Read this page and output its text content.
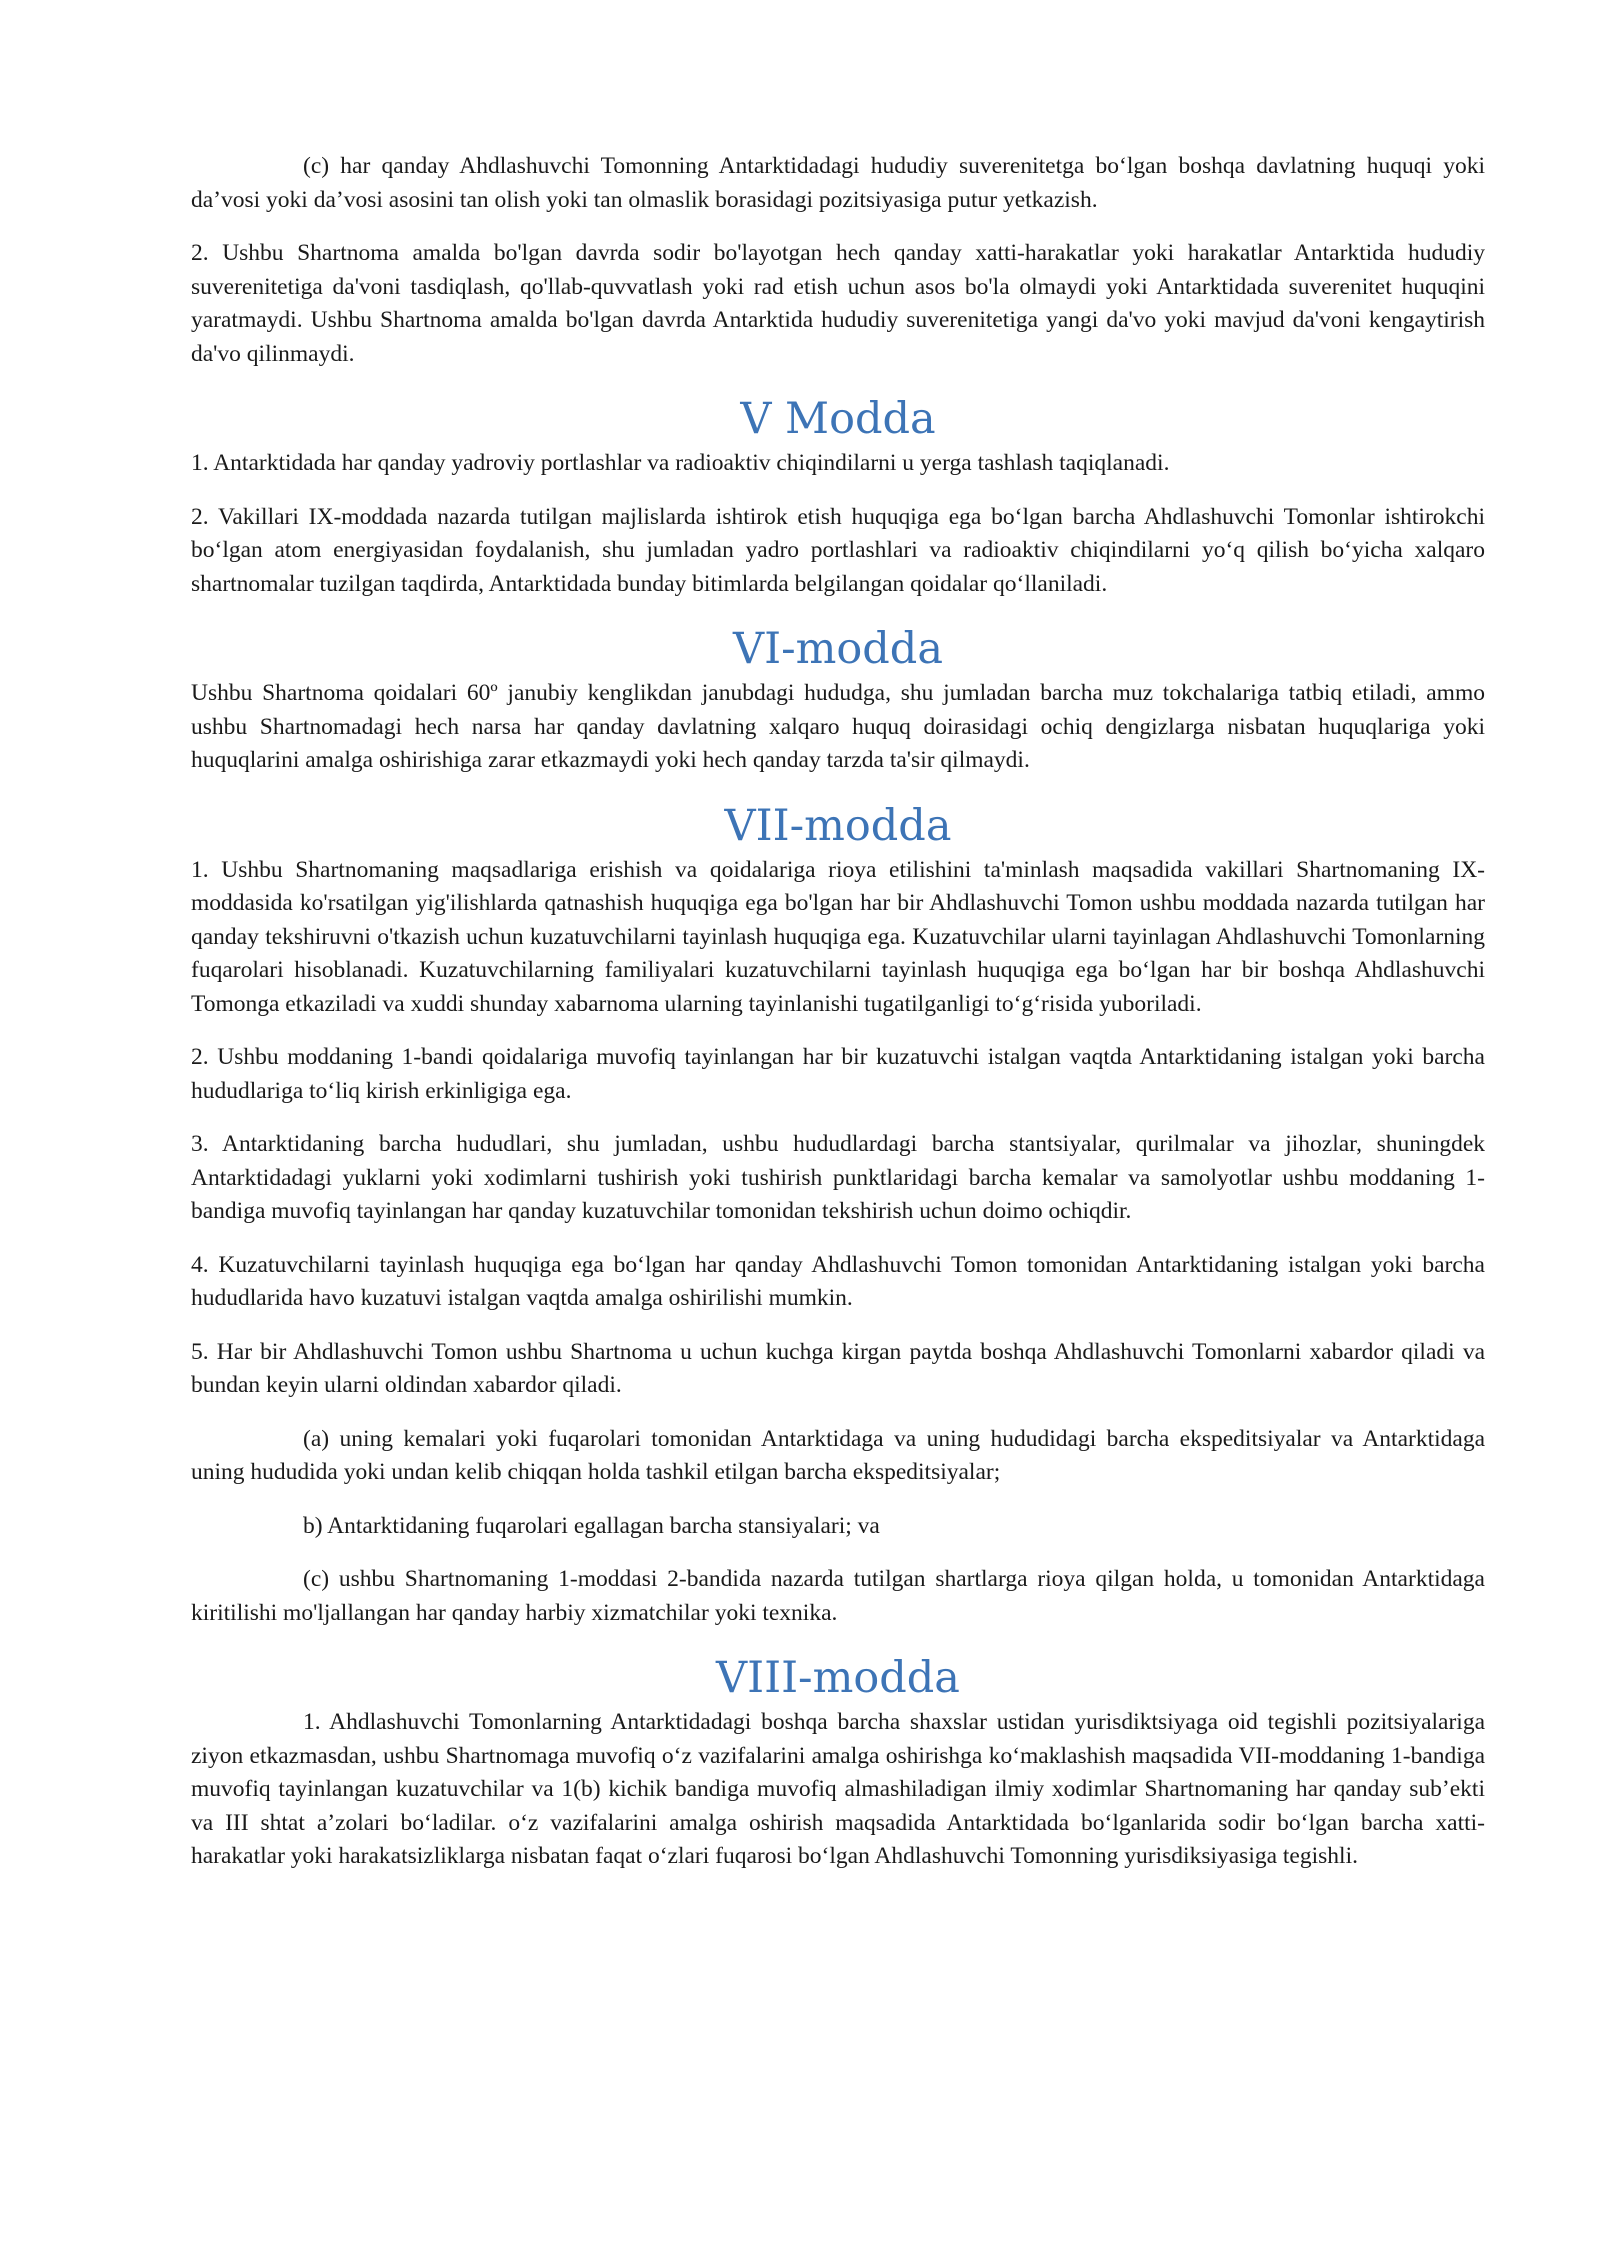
(c) har qanday Ahdlashuvchi Tomonning Antarktidadagi hududiy suverenitetga bo‘lgan boshqa davlatning huquqi yoki da’vosi yoki da’vosi asosini tan olish yoki tan olmaslik borasidagi pozitsiyasiga putur yetkazish.

2. Ushbu Shartnoma amalda bo'lgan davrda sodir bo'layotgan hech qanday xatti-harakatlar yoki harakatlar Antarktida hududiy suverenitetiga da'voni tasdiqlash, qo'llab-quvvatlash yoki rad etish uchun asos bo'la olmaydi yoki Antarktidada suverenitet huquqini yaratmaydi. Ushbu Shartnoma amalda bo'lgan davrda Antarktida hududiy suverenitetiga yangi da'vo yoki mavjud da'voni kengaytirish da'vo qilinmaydi.

V Modda

1. Antarktidada har qanday yadroviy portlashlar va radioaktiv chiqindilarni u yerga tashlash taqiqlanadi.

2. Vakillari IX-moddada nazarda tutilgan majlislarda ishtirok etish huquqiga ega bo‘lgan barcha Ahdlashuvchi Tomonlar ishtirokchi bo‘lgan atom energiyasidan foydalanish, shu jumladan yadro portlashlari va radioaktiv chiqindilarni yo‘q qilish bo‘yicha xalqaro shartnomalar tuzilgan taqdirda, Antarktidada bunday bitimlarda belgilangan qoidalar qo‘llaniladi.

VI-modda

Ushbu Shartnoma qoidalari 60º janubiy kenglikdan janubdagi hududga, shu jumladan barcha muz tokchalariga tatbiq etiladi, ammo ushbu Shartnomadagi hech narsa har qanday davlatning xalqaro huquq doirasidagi ochiq dengizlarga nisbatan huquqlariga yoki huquqlarini amalga oshirishiga zarar etkazmaydi yoki hech qanday tarzda ta'sir qilmaydi.

VII-modda

1. Ushbu Shartnomaning maqsadlariga erishish va qoidalariga rioya etilishini ta'minlash maqsadida vakillari Shartnomaning IX-moddasida ko'rsatilgan yig'ilishlarda qatnashish huquqiga ega bo'lgan har bir Ahdlashuvchi Tomon ushbu moddada nazarda tutilgan har qanday tekshiruvni o'tkazish uchun kuzatuvchilarni tayinlash huquqiga ega. Kuzatuvchilar ularni tayinlagan Ahdlashuvchi Tomonlarning fuqarolari hisoblanadi. Kuzatuvchilarning familiyalari kuzatuvchilarni tayinlash huquqiga ega bo‘lgan har bir boshqa Ahdlashuvchi Tomonga etkaziladi va xuddi shunday xabarnoma ularning tayinlanishi tugatilganligi to‘g‘risida yuboriladi.

2. Ushbu moddaning 1-bandi qoidalariga muvofiq tayinlangan har bir kuzatuvchi istalgan vaqtda Antarktidaning istalgan yoki barcha hududlariga to‘liq kirish erkinligiga ega.

3. Antarktidaning barcha hududlari, shu jumladan, ushbu hududlardagi barcha stantsiyalar, qurilmalar va jihozlar, shuningdek Antarktidadagi yuklarni yoki xodimlarni tushirish yoki tushirish punktlaridagi barcha kemalar va samolyotlar ushbu moddaning 1-bandiga muvofiq tayinlangan har qanday kuzatuvchilar tomonidan tekshirish uchun doimo ochiqdir.

4. Kuzatuvchilarni tayinlash huquqiga ega bo‘lgan har qanday Ahdlashuvchi Tomon tomonidan Antarktidaning istalgan yoki barcha hududlarida havo kuzatuvi istalgan vaqtda amalga oshirilishi mumkin.

5. Har bir Ahdlashuvchi Tomon ushbu Shartnoma u uchun kuchga kirgan paytda boshqa Ahdlashuvchi Tomonlarni xabardor qiladi va bundan keyin ularni oldindan xabardor qiladi.

(a) uning kemalari yoki fuqarolari tomonidan Antarktidaga va uning hududidagi barcha ekspeditsiyalar va Antarktidaga uning hududida yoki undan kelib chiqqan holda tashkil etilgan barcha ekspeditsiyalar;

b) Antarktidaning fuqarolari egallagan barcha stansiyalari; va

(c) ushbu Shartnomaning 1-moddasi 2-bandida nazarda tutilgan shartlarga rioya qilgan holda, u tomonidan Antarktidaga kiritilishi mo'ljallangan har qanday harbiy xizmatchilar yoki texnika.

VIII-modda

1. Ahdlashuvchi Tomonlarning Antarktidadagi boshqa barcha shaxslar ustidan yurisdiktsiyaga oid tegishli pozitsiyalariga ziyon etkazmasdan, ushbu Shartnomaga muvofiq o‘z vazifalarini amalga oshirishga ko‘maklashish maqsadida VII-moddaning 1-bandiga muvofiq tayinlangan kuzatuvchilar va 1(b) kichik bandiga muvofiq almashiladigan ilmiy xodimlar Shartnomaning har qanday sub’ekti va III shtat a’zolari bo‘ladilar. o‘z vazifalarini amalga oshirish maqsadida Antarktidada bo‘lganlarida sodir bo‘lgan barcha xatti-harakatlar yoki harakatsizliklarga nisbatan faqat o‘zlari fuqarosi bo‘lgan Ahdlashuvchi Tomonning yurisdiksiyasiga tegishli.
